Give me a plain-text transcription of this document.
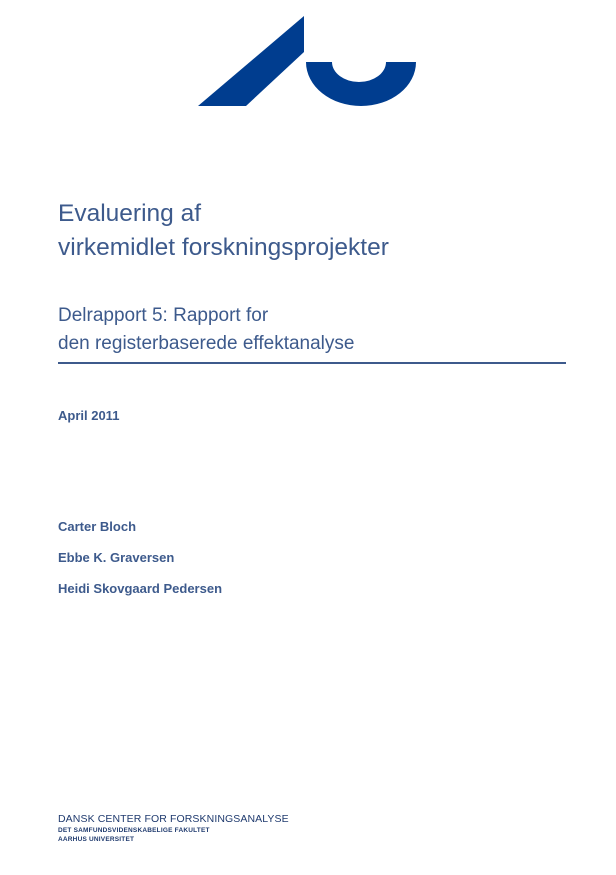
Evaluering af
virkemidlet forskningsprojekter
Delrapport 5: Rapport for
den registerbaserede effektanalyse
April 2011
Carter Bloch
Ebbe K. Graversen
Heidi Skovgaard Pedersen
DANSK CENTER FOR FORSKNINGSANALYSE
DET SAMFUNDSVIDENSKABELIGE FAKULTET
AARHUS UNIVERSITET
